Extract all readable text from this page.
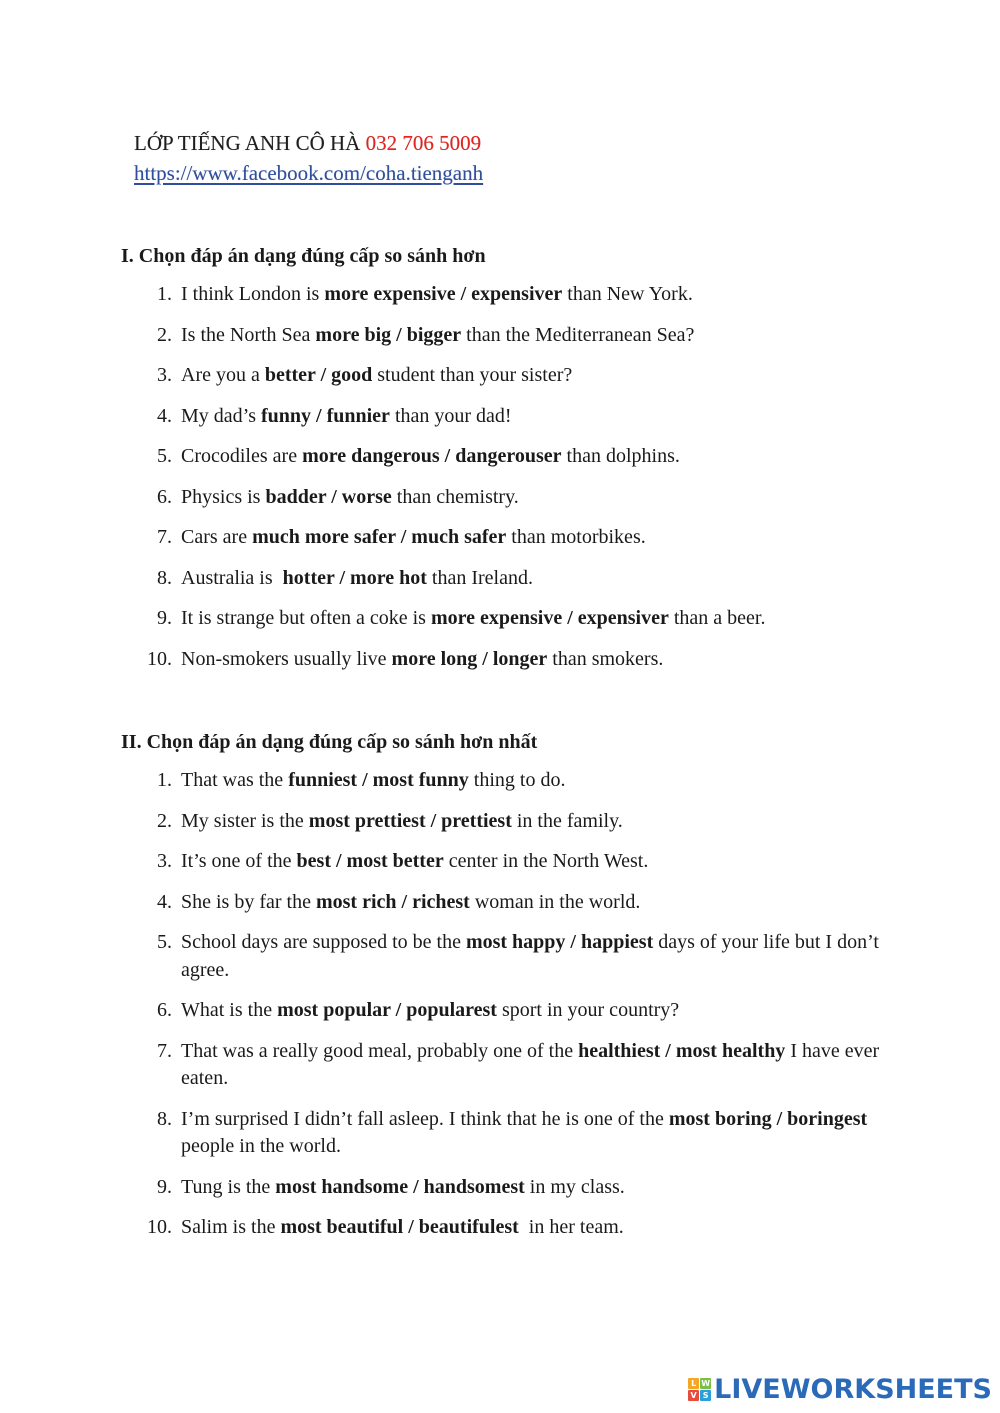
LỚP TIẾNG ANH CÔ HÀ 032 706 5009
https://www.facebook.com/coha.tienganh

I. Chọn đáp án dạng đúng cấp so sánh hơn

1. I think London is more expensive / expensiver than New York.
2. Is the North Sea more big / bigger than the Mediterranean Sea?
3. Are you a better / good student than your sister?
4. My dad’s funny / funnier than your dad!
5. Crocodiles are more dangerous / dangerouser than dolphins.
6. Physics is badder / worse than chemistry.
7. Cars are much more safer / much safer than motorbikes.
8. Australia is  hotter / more hot than Ireland.
9. It is strange but often a coke is more expensive / expensiver than a beer.
10. Non-smokers usually live more long / longer than smokers.

II. Chọn đáp án dạng đúng cấp so sánh hơn nhất

1. That was the funniest / most funny thing to do.
2. My sister is the most prettiest / prettiest in the family.
3. It’s one of the best / most better center in the North West.
4. She is by far the most rich / richest woman in the world.
5. School days are supposed to be the most happy / happiest days of your life but I don’t agree.
6. What is the most popular / popularest sport in your country?
7. That was a really good meal, probably one of the healthiest / most healthy I have ever eaten.
8. I’m surprised I didn’t fall asleep. I think that he is one of the most boring / boringest people in the world.
9. Tung is the most handsome / handsomest in my class.
10. Salim is the most beautiful / beautifulest  in her team.
L W
V S LIVEWORKSHEETS
